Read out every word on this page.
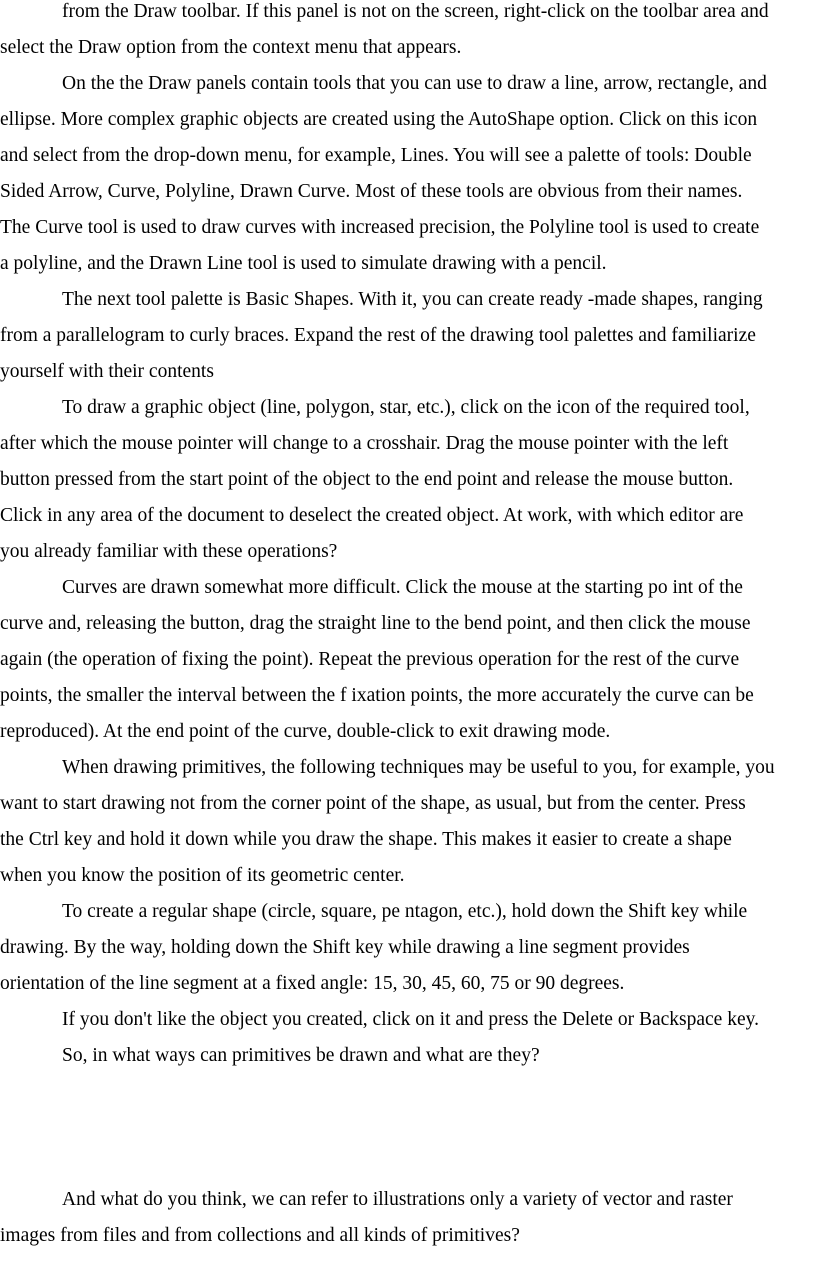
from the Draw toolbar. If this panel is not on the screen, right-click on the toolbar area and
select the Draw option from the context menu that appears.
On the the Draw panels contain tools that you can use to draw a line, arrow, rectangle, and
ellipse. More complex graphic objects are created using the AutoShape option. Click on this icon
and select from the drop-down menu, for example, Lines. You will see a palette of tools: Double
Sided Arrow, Curve, Polyline, Drawn Curve. Most of these tools are obvious from their names.
The Curve tool is used to draw curves with increased precision, the Polyline tool is used to create
a polyline, and the Drawn Line tool is used to simulate drawing with a pencil.
The next tool palette is Basic Shapes. With it, you can create ready -made shapes, ranging
from a parallelogram to curly braces. Expand the rest of the drawing tool palettes and familiarize
yourself with their contents
To draw a graphic object (line, polygon, star, etc.), click on the icon of the required tool,
after which the mouse pointer will change to a crosshair. Drag the mouse pointer with the left
button pressed from the start point of the object to the end point and release the mouse button.
Click in any area of the document to deselect the created object. At work, with which editor are
you already familiar with these operations?
Curves are drawn somewhat more difficult. Click the mouse at the starting po int of the
curve and, releasing the button, drag the straight line to the bend point, and then click the mouse
again (the operation of fixing the point). Repeat the previous operation for the rest of the curve
points, the smaller the interval between the f ixation points, the more accurately the curve can be
reproduced). At the end point of the curve, double-click to exit drawing mode.
When drawing primitives, the following techniques may be useful to you, for example, you
want to start drawing not from the corner point of the shape, as usual, but from the center. Press
the Ctrl key and hold it down while you draw the shape. This makes it easier to create a shape
when you know the position of its geometric center.
To create a regular shape (circle, square, pe ntagon, etc.), hold down the Shift key while
drawing. By the way, holding down the Shift key while drawing a line segment provides
orientation of the line segment at a fixed angle: 15, 30, 45, 60, 75 or 90 degrees.
If you don't like the object you created, click on it and press the Delete or Backspace key.
So, in what ways can primitives be drawn and what are they?
And what do you think, we can refer to illustrations only a variety of vector and raster
images from files and from collections and all kinds of primitives?
